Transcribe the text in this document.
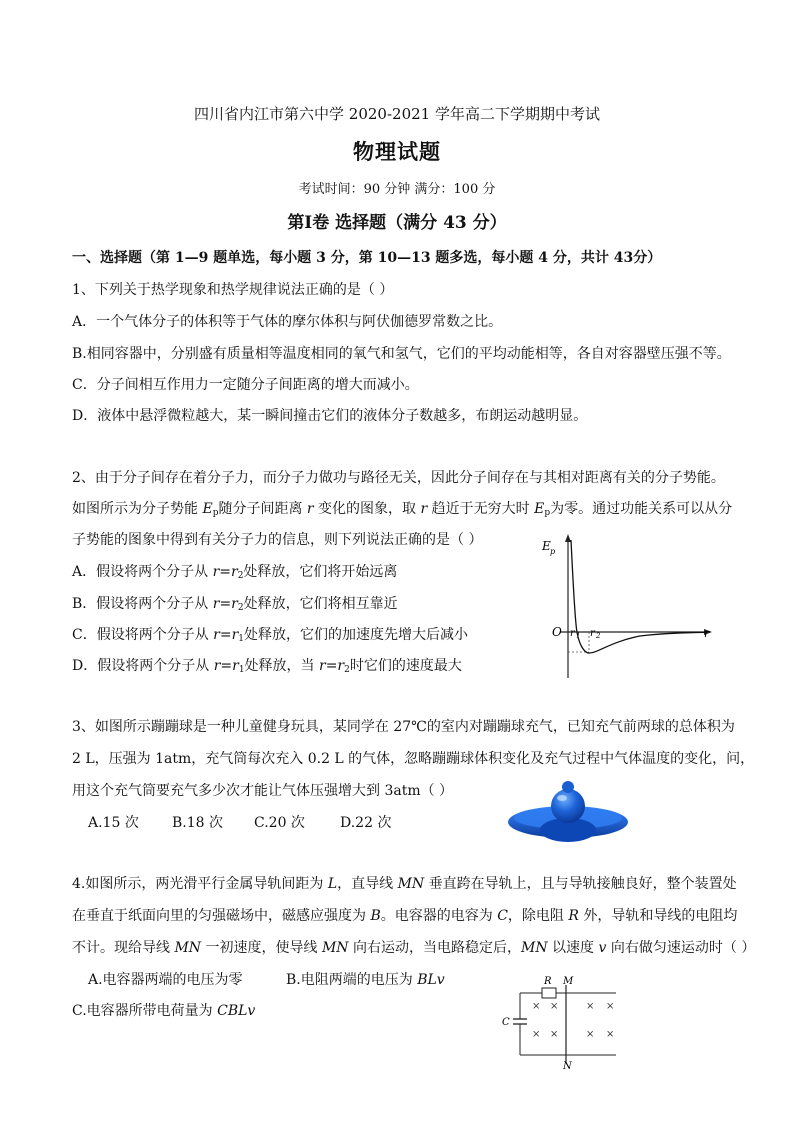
四川省内江市第六中学 2020-2021 学年高二下学期期中考试
物理试题
考试时间：90 分钟 满分：100 分
第Ⅰ卷 选择题（满分 43 分）
一、选择题（第 1—9 题单选，每小题 3 分，第 10—13 题多选，每小题 4 分，共计 43分）
1、下列关于热学现象和热学规律说法正确的是（ ）
A．一个气体分子的体积等于气体的摩尔体积与阿伏伽德罗常数之比。
B.相同容器中，分别盛有质量相等温度相同的氧气和氢气，它们的平均动能相等，各自对容器壁压强不等。
C．分子间相互作用力一定随分子间距离的增大而减小。
D．液体中悬浮微粒越大，某一瞬间撞击它们的液体分子数越多，布朗运动越明显。
2、由于分子间存在着分子力，而分子力做功与路径无关，因此分子间存在与其相对距离有关的分子势能。
如图所示为分子势能 $E_p$随分子间距离 r 变化的图象，取 r 趋近于无穷大时 $E_p$为零。通过功能关系可以从分
子势能的图象中得到有关分子力的信息，则下列说法正确的是（ ）
A．假设将两个分子从 $r=r_2$处释放，它们将开始远离
B．假设将两个分子从 $r=r_2$处释放，它们将相互靠近
C．假设将两个分子从 $r=r_1$处释放，它们的加速度先增大后减小
D．假设将两个分子从 $r=r_1$处释放，当 $r=r_2$时它们的速度最大
E p
r
O r 1 r 2
3、如图所示蹦蹦球是一种儿童健身玩具，某同学在 27℃的室内对蹦蹦球充气，已知充气前两球的总体积为
2 L，压强为 1atm，充气筒每次充入 0.2 L 的气体，忽略蹦蹦球体积变化及充气过程中气体温度的变化，问，
用这个充气筒要充气多少次才能让气体压强增大到 3atm（ ）
A.15 次 B.18 次 C.20 次	D.22 次
4.如图所示，两光滑平行金属导轨间距为 L，直导线 MN 垂直跨在导轨上，且与导轨接触良好，整个装置处
在垂直于纸面向里的匀强磁场中，磁感应强度为 B。电容器的电容为 C，除电阻 R 外，导轨和导线的电阻均
不计。现给导线 MN 一初速度，使导线 MN 向右运动，当电路稳定后，MN 以速度 v 向右做匀速运动时（ ）
A.电容器两端的电压为零	B.电阻两端的电压为 BLv
C.电容器所带电荷量为 CBLv
R M
N
C
× ×	× ×
× ×	× ×
